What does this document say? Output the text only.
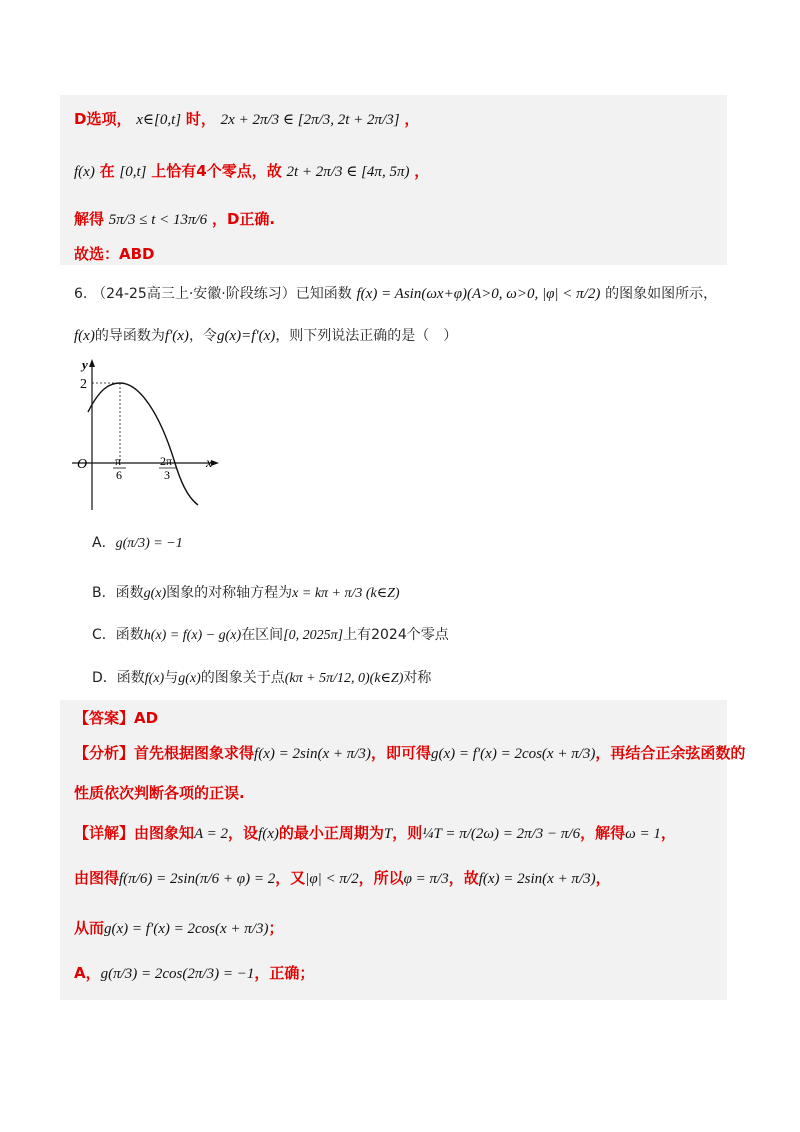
D选项， x∈[0,t] 时， 2x + 2π/3 ∈ [2π/3, 2t + 2π/3] ，
f(x) 在 [0,t] 上恰有4个零点，故 2t + 2π/3 ∈ [4π, 5π) ，
解得 5π/3 ≤ t < 13π/6 ，D正确.
故选：ABD
6. （24-25高三上·安徽·阶段练习）已知函数 f(x) = Asin(ωx+φ)(A>0, ω>0, |φ| < π/2) 的图象如图所示，
f(x)的导函数为f′(x)，令g(x)=f′(x)，则下列说法正确的是（　）
y
x
O
2
π
6
2π
3
A．g(π/3) = −1
B．函数g(x)图象的对称轴方程为x = kπ + π/3 (k∈Z)
C．函数h(x) = f(x) − g(x)在区间[0, 2025π]上有2024个零点
D．函数f(x)与g(x)的图象关于点(kπ + 5π/12, 0)(k∈Z)对称
【答案】AD
【分析】首先根据图象求得f(x) = 2sin(x + π/3)，即可得g(x) = f′(x) = 2cos(x + π/3)，再结合正余弦函数的
性质依次判断各项的正误.
【详解】由图象知A = 2，设f(x)的最小正周期为T，则¼T = π/(2ω) = 2π/3 − π/6，解得ω = 1，
由图得f(π/6) = 2sin(π/6 + φ) = 2，又|φ| < π/2，所以φ = π/3，故f(x) = 2sin(x + π/3)，
从而g(x) = f′(x) = 2cos(x + π/3)；
A，g(π/3) = 2cos(2π/3) = −1，正确；
